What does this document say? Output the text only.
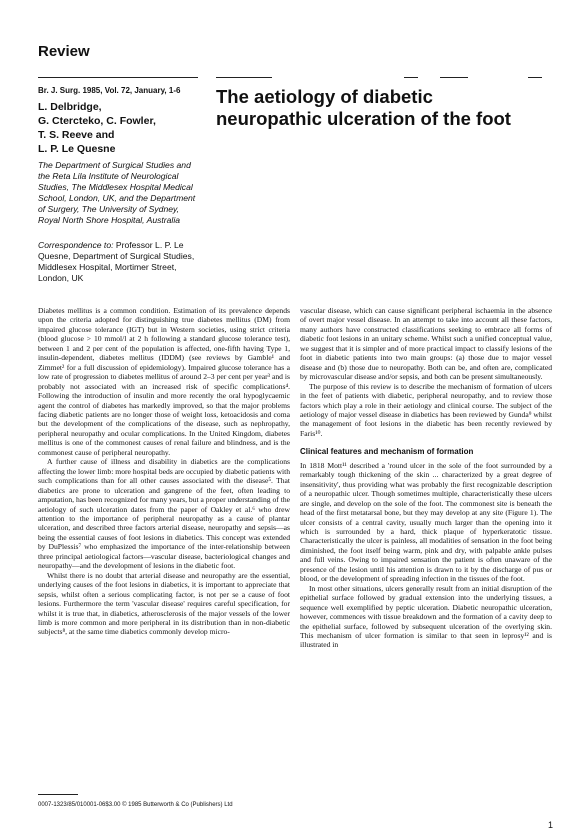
Review
Br. J. Surg. 1985, Vol. 72, January, 1-6 The aetiology of diabetic
neuropathic ulceration of the foot
L. Delbridge,
G. Ctercteko, C. Fowler,
T. S. Reeve and
L. P. Le Quesne
The Department of Surgical Studies and the Reta Lila Institute of Neurological Studies, The Middlesex Hospital Medical School, London, UK, and the Department of Surgery, The University of Sydney, Royal North Shore Hospital, Australia
Correspondence to: Professor L. P. Le Quesne, Department of Surgical Studies, Middlesex Hospital, Mortimer Street, London, UK

Diabetes mellitus is a common condition. Estimation of its prevalence depends upon the criteria adopted for distinguishing true diabetes mellitus (DM) from impaired glucose tolerance (IGT) but in Western societies, using strict criteria (blood glucose > 10 mmol/l at 2 h following a standard glucose tolerance test), between 1 and 2 per cent of the population is affected, one-fifth having Type 1, insulin-dependent, diabetes mellitus (IDDM) (see reviews by Gamble¹ and Zimmet² for a full discussion of epidemiology). Impaired glucose tolerance has a low rate of progression to diabetes mellitus of around 2–3 per cent per year³ and is probably not associated with an increased risk of specific complications⁴. Following the introduction of insulin and more recently the oral hypoglycaemic agent the control of diabetes has markedly improved, so that the major problems facing diabetic patients are no longer those of weight loss, ketoacidosis and coma but the development of the complications of the disease, such as nephropathy, peripheral neuropathy and ocular complications. In the United Kingdom, diabetes mellitus is one of the commonest causes of renal failure and blindness, and is the commonest cause of peripheral neuropathy.

A further cause of illness and disability in diabetics are the complications affecting the lower limb: more hospital beds are occupied by diabetic patients with such complications than for all other causes associated with the disease⁵. That diabetics are prone to ulceration and gangrene of the feet, often leading to amputation, has been recognized for many years, but a proper understanding of the aetiology of such ulceration dates from the paper of Oakley et al.⁶ who drew attention to the importance of peripheral neuropathy as a cause of plantar ulceration, and described three factors arterial disease, neuropathy and sepsis—as being the essential causes of foot lesions in diabetics. This concept was extended by DuPlessis⁷ who emphasized the importance of the inter-relationship between three principal aetiological factors—vascular disease, bacteriological changes and neuropathy—and the development of lesions in the diabetic foot.

Whilst there is no doubt that arterial disease and neuropathy are the essential, underlying causes of the foot lesions in diabetics, it is important to appreciate that sepsis, whilst often a serious complicating factor, is not per se a cause of foot lesions. Furthermore the term 'vascular disease' requires careful specification, for whilst it is true that, in diabetics, atherosclerosis of the major vessels of the lower limb is more common and more peripheral in its distribution than in non-diabetic subjects⁸, at the same time diabetics commonly develop micro-

vascular disease, which can cause significant peripheral ischaemia in the absence of overt major vessel disease. In an attempt to take into account all these factors, many authors have constructed classifications seeking to embrace all forms of diabetic foot lesions in an unitary scheme. Whilst such a unified conceptual value, we suggest that it is simpler and of more practical impact to classify lesions of the foot in diabetic patients into two main groups: (a) those due to major vessel disease and (b) those due to neuropathy. Both can be, and often are, complicated by microvascular disease and/or sepsis, and both can be present simultaneously.

The purpose of this review is to describe the mechanism of formation of ulcers in the feet of patients with diabetic, peripheral neuropathy, and to review those factors which play a role in their aetiology and clinical course. The subject of the aetiology of major vessel disease in diabetics has been reviewed by Gunda⁹ whilst the management of foot lesions in the diabetic has been recently reviewed by Faris¹⁰.

Clinical features and mechanism of formation

In 1818 Mott¹¹ described a 'round ulcer in the sole of the foot surrounded by a remarkably tough thickening of the skin ... characterized by a great degree of insensitivity', thus providing what was probably the first recognizable description of a neuropathic ulcer. Though sometimes multiple, characteristically these ulcers are single, and develop on the sole of the foot. The commonest site is beneath the head of the first metatarsal bone, but they may develop at any site (Figure 1). The ulcer consists of a central cavity, usually much larger than the opening into it which is surrounded by a hard, thick plaque of hyperkeratotic tissue. Characteristically the ulcer is painless, all modalities of sensation in the foot being diminished, the foot itself being warm, pink and dry, with palpable ankle pulses and full veins. Owing to impaired sensation the patient is often unaware of the presence of the lesion until his attention is drawn to it by the discharge of pus or blood, or the development of spreading infection in the tissues of the foot.

In most other situations, ulcers generally result from an initial disruption of the epithelial surface followed by gradual extension into the underlying tissues, a sequence well exemplified by peptic ulceration. Diabetic neuropathic ulceration, however, commences with tissue breakdown and the formation of a cavity deep to the epithelial surface, followed by subsequent ulceration of the overlying skin. This mechanism of ulcer formation is similar to that seen in leprosy¹² and is illustrated in

0007-1323/85/010001-06$3.00 © 1985 Butterworth & Co (Publishers) Ltd
1
